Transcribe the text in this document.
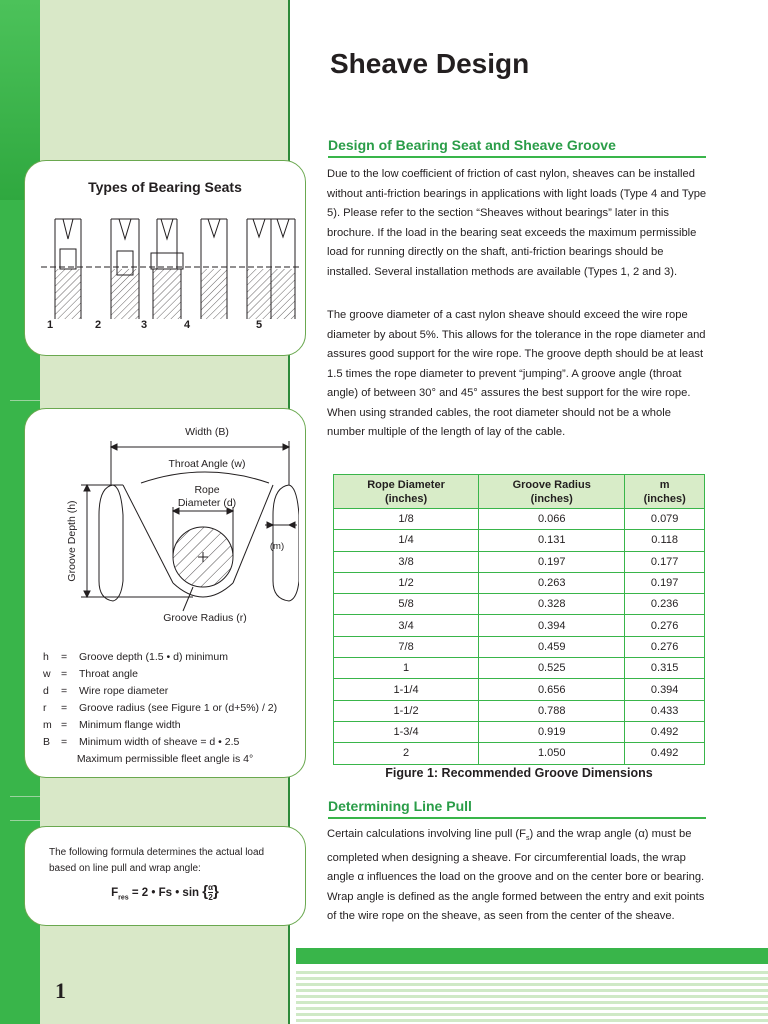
1
Types of Bearing Seats
1	2	3	4	5
Width (B)
Throat Angle (w)
Rope
Diameter (d)
(m)
Groove Radius (r)
Groove Depth (h)
h	=	Groove depth (1.5 • d) minimum
w =	Throat angle
d	=	Wire rope diameter
r	=	Groove radius (see Figure 1 or (d+5%) / 2)
m =	Minimum flange width
B	=	Minimum width of sheave = d • 2.5
Maximum permissible fleet angle is 4°
The following formula determines the actual load based on line pull and wrap angle:
$F_{res} = 2$ • Fs • sin { $\frac{\alpha}{2}$ }
Sheave Design
Design of Bearing Seat and Sheave Groove
Due to the low coefficient of friction of cast nylon, sheaves can be installed without anti-friction bearings in applications with light loads (Type 4 and Type 5). Please refer to the section “Sheaves without bearings” later in this brochure. If the load in the bearing seat exceeds the maximum permissible load for running directly on the shaft, anti-friction bearings should be installed. Several installation methods are available (Types 1, 2 and 3).
The groove diameter of a cast nylon sheave should exceed the wire rope diameter by about 5%. This allows for the tolerance in the rope diameter and assures good support for the wire rope. The groove depth should be at least 1.5 times the rope diameter to prevent “jumping”. A groove angle (throat angle) of between 30° and 45° assures the best support for the wire rope. When using stranded cables, the root diameter should not be a whole number multiple of the length of lay of the cable.
Rope Diameter
(inches)	Groove Radius
(inches)	m
(inches)
1/8	0.066	0.079
1/4	0.131	0.118
3/8	0.197	0.177
1/2	0.263	0.197
5/8	0.328	0.236
3/4	0.394	0.276
7/8	0.459	0.276
1	0.525	0.315
1-1/4	0.656	0.394
1-1/2	0.788	0.433
1-3/4	0.919	0.492
2	1.050	0.492
Figure 1: Recommended Groove Dimensions
Determining Line Pull
Certain calculations involving line pull $(F_s)$ and the wrap angle (α) must be completed when designing a sheave. For circumferential loads, the wrap angle α influences the load on the groove and on the center bore or bearing. Wrap angle is defined as the angle formed between the entry and exit points of the wire rope on the sheave, as seen from the center of the sheave.
